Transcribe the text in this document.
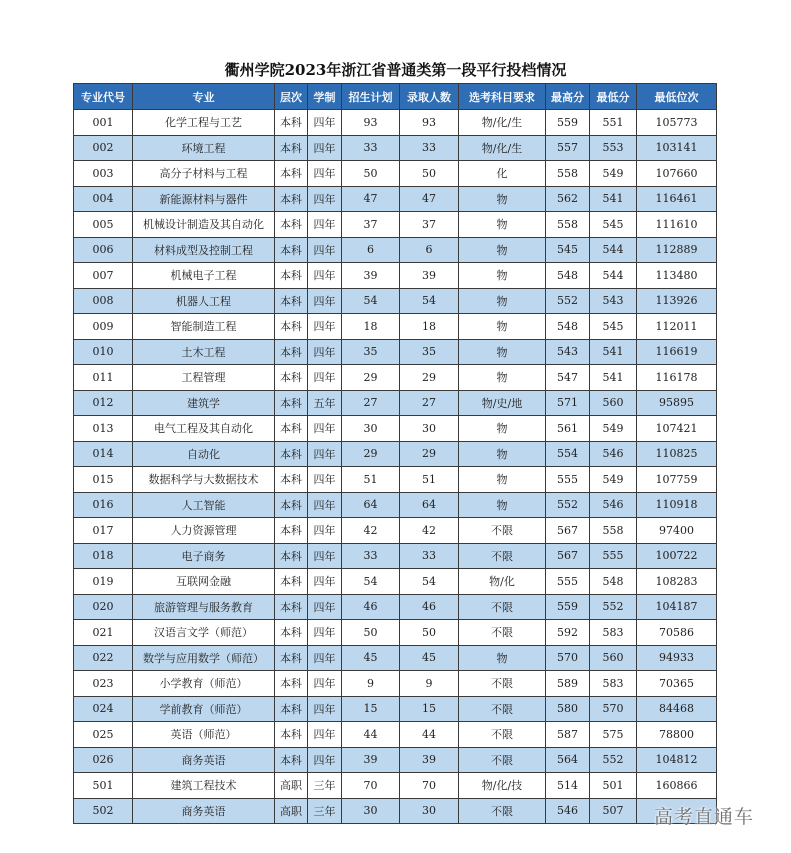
衢州学院2023年浙江省普通类第一段平行投档情况
专业代号	专业	层次	学制	招生计划	录取人数	选考科目要求	最高分	最低分	最低位次
001	化学工程与工艺	本科	四年	93	93	物/化/生	559	551	105773
002	环境工程	本科	四年	33	33	物/化/生	557	553	103141
003	高分子材料与工程	本科	四年	50	50	化	558	549	107660
004	新能源材料与器件	本科	四年	47	47	物	562	541	116461
005	机械设计制造及其自动化	本科	四年	37	37	物	558	545	111610
006	材料成型及控制工程	本科	四年	6	6	物	545	544	112889
007	机械电子工程	本科	四年	39	39	物	548	544	113480
008	机器人工程	本科	四年	54	54	物	552	543	113926
009	智能制造工程	本科	四年	18	18	物	548	545	112011
010	土木工程	本科	四年	35	35	物	543	541	116619
011	工程管理	本科	四年	29	29	物	547	541	116178
012	建筑学	本科	五年	27	27	物/史/地	571	560	95895
013	电气工程及其自动化	本科	四年	30	30	物	561	549	107421
014	自动化	本科	四年	29	29	物	554	546	110825
015	数据科学与大数据技术	本科	四年	51	51	物	555	549	107759
016	人工智能	本科	四年	64	64	物	552	546	110918
017	人力资源管理	本科	四年	42	42	不限	567	558	97400
018	电子商务	本科	四年	33	33	不限	567	555	100722
019	互联网金融	本科	四年	54	54	物/化	555	548	108283
020	旅游管理与服务教育	本科	四年	46	46	不限	559	552	104187
021	汉语言文学（师范）	本科	四年	50	50	不限	592	583	70586
022	数学与应用数学（师范）	本科	四年	45	45	物	570	560	94933
023	小学教育（师范）	本科	四年	9	9	不限	589	583	70365
024	学前教育（师范）	本科	四年	15	15	不限	580	570	84468
025	英语（师范）	本科	四年	44	44	不限	587	575	78800
026	商务英语	本科	四年	39	39	不限	564	552	104812
501	建筑工程技术	高职	三年	70	70	物/化/技	514	501	160866
502	商务英语	高职	三年	30	30	不限	546	507	高考直通车
